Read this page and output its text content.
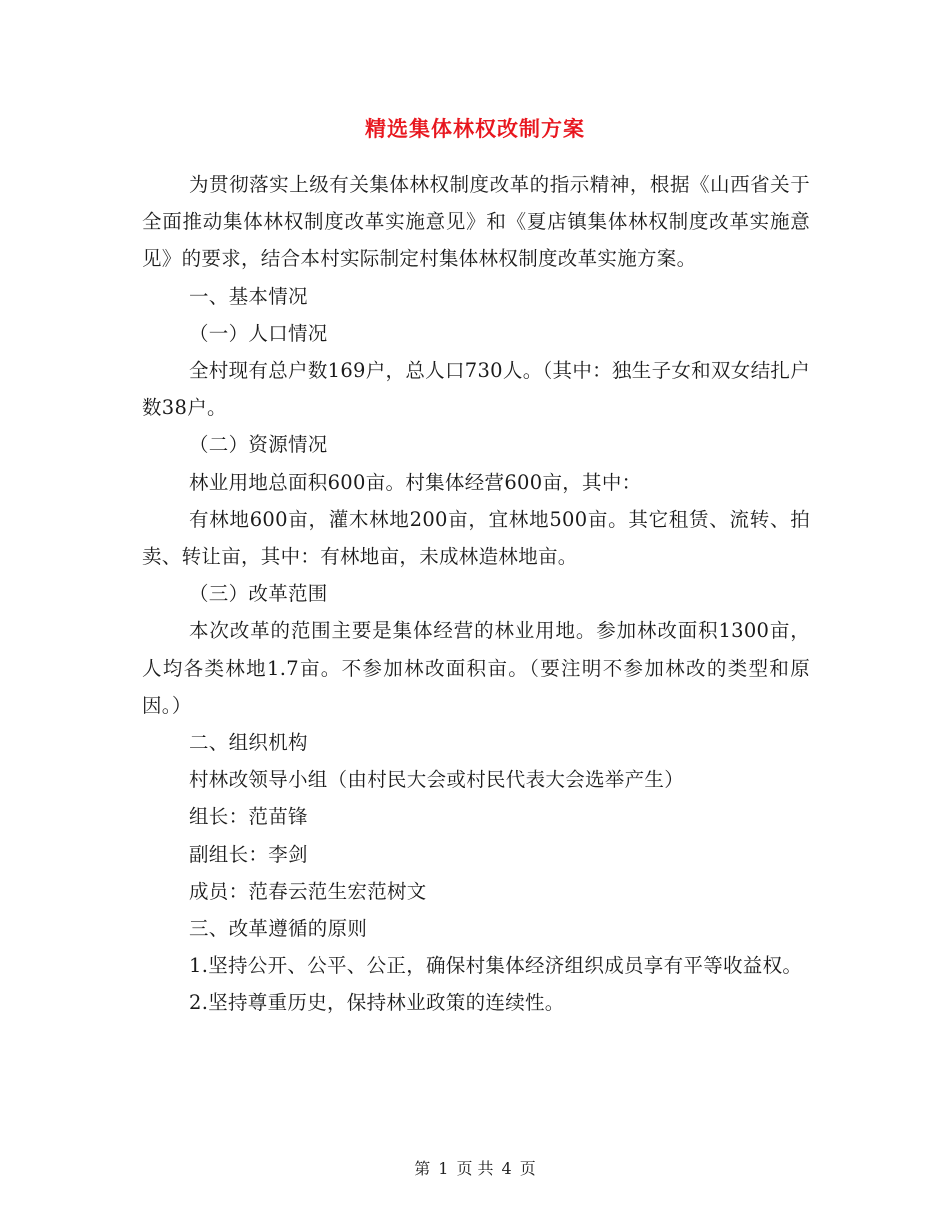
精选集体林权改制方案

为贯彻落实上级有关集体林权制度改革的指示精神，根据《山西省关于全面推动集体林权制度改革实施意见》和《夏店镇集体林权制度改革实施意见》的要求，结合本村实际制定村集体林权制度改革实施方案。

一、基本情况

（一）人口情况

全村现有总户数169户，总人口730人。（其中：独生子女和双女结扎户数38户。

（二）资源情况

林业用地总面积600亩。村集体经营600亩，其中：

有林地600亩，灌木林地200亩，宜林地500亩。其它租赁、流转、拍卖、转让亩，其中：有林地亩，未成林造林地亩。

（三）改革范围

本次改革的范围主要是集体经营的林业用地。参加林改面积1300亩，人均各类林地1.7亩。不参加林改面积亩。（要注明不参加林改的类型和原因。）

二、组织机构

村林改领导小组（由村民大会或村民代表大会选举产生）

组长：范苗锋

副组长：李剑

成员：范春云范生宏范树文

三、改革遵循的原则

1.坚持公开、公平、公正，确保村集体经济组织成员享有平等收益权。

2.坚持尊重历史，保持林业政策的连续性。

第 1 页 共 4 页
